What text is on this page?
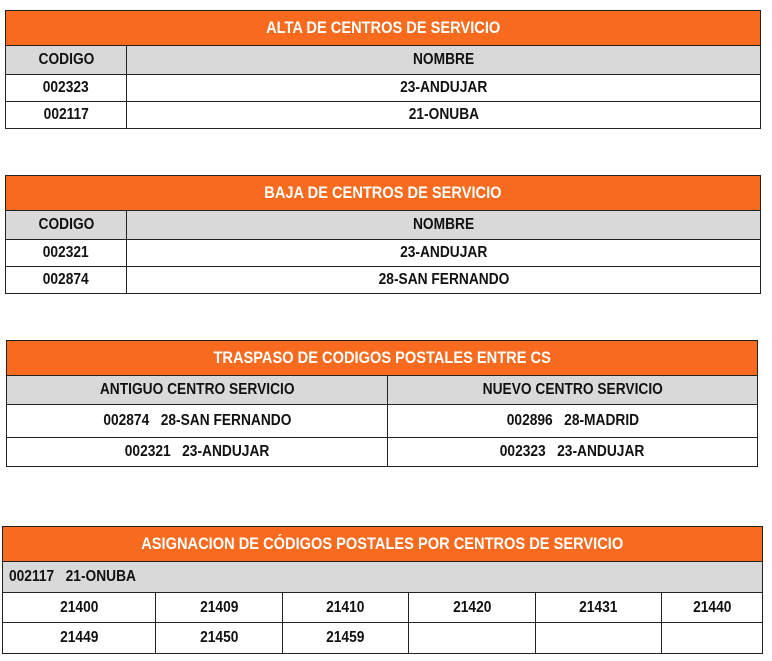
ALTA DE CENTROS DE SERVICIO	
CODIGO	NOMBRE
002323	23-ANDUJAR
002117	21-ONUBA
BAJA DE CENTROS DE SERVICIO	
CODIGO	NOMBRE
002321	23-ANDUJAR
002874	28-SAN FERNANDO
TRASPASO DE CODIGOS POSTALES ENTRE CS	
ANTIGUO CENTRO SERVICIO	NUEVO CENTRO SERVICIO
002874 28-SAN FERNANDO	002896 28-MADRID
002321 23-ANDUJAR	002323 23-ANDUJAR
ASIGNACION DE CÓDIGOS POSTALES POR CENTROS DE SERVICIO					
002117 21-ONUBA					
21400	21409	21410	21420	21431	21440
21449	21450	21459			
